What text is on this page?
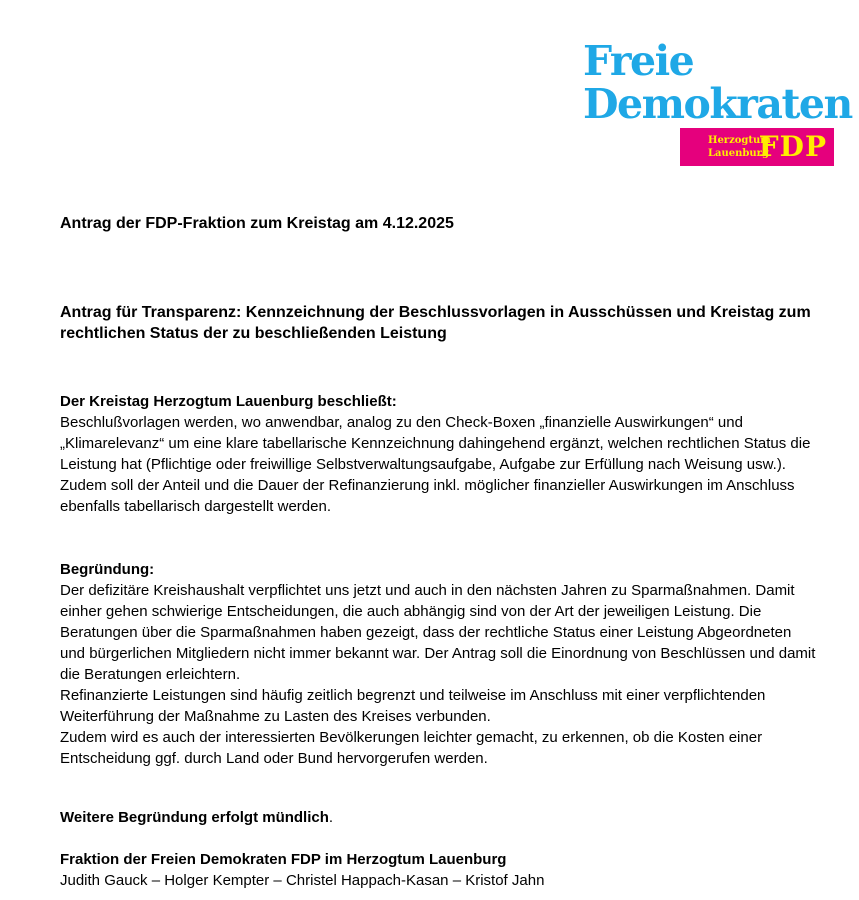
Freie
Demokraten
Herzogtum
Lauenburg
FDP
Antrag der FDP-Fraktion zum Kreistag am 4.12.2025
Antrag für Transparenz: Kennzeichnung der Beschlussvorlagen in Ausschüssen und Kreistag zum rechtlichen Status der zu beschließenden Leistung

Der Kreistag Herzogtum Lauenburg beschließt:

Beschlußvorlagen werden, wo anwendbar, analog zu den Check-Boxen „finanzielle Auswirkungen“ und „Klimarelevanz“ um eine klare tabellarische Kennzeichnung dahingehend ergänzt, welchen rechtlichen Status die Leistung hat (Pflichtige oder freiwillige Selbstverwaltungsaufgabe, Aufgabe zur Erfüllung nach Weisung usw.). Zudem soll der Anteil und die Dauer der Refinanzierung inkl. möglicher finanzieller Auswirkungen im Anschluss ebenfalls tabellarisch dargestellt werden.

Begründung:

Der defizitäre Kreishaushalt verpflichtet uns jetzt und auch in den nächsten Jahren zu Sparmaßnahmen. Damit einher gehen schwierige Entscheidungen, die auch abhängig sind von der Art der jeweiligen Leistung. Die Beratungen über die Sparmaßnahmen haben gezeigt, dass der rechtliche Status einer Leistung Abgeordneten und bürgerlichen Mitgliedern nicht immer bekannt war. Der Antrag soll die Einordnung von Beschlüssen und damit die Beratungen erleichtern.

Refinanzierte Leistungen sind häufig zeitlich begrenzt und teilweise im Anschluss mit einer verpflichtenden Weiterführung der Maßnahme zu Lasten des Kreises verbunden.

Zudem wird es auch der interessierten Bevölkerungen leichter gemacht, zu erkennen, ob die Kosten einer Entscheidung ggf. durch Land oder Bund hervorgerufen werden.

Weitere Begründung erfolgt mündlich.

Fraktion der Freien Demokraten FDP im Herzogtum Lauenburg

Judith Gauck – Holger Kempter – Christel Happach-Kasan – Kristof Jahn
